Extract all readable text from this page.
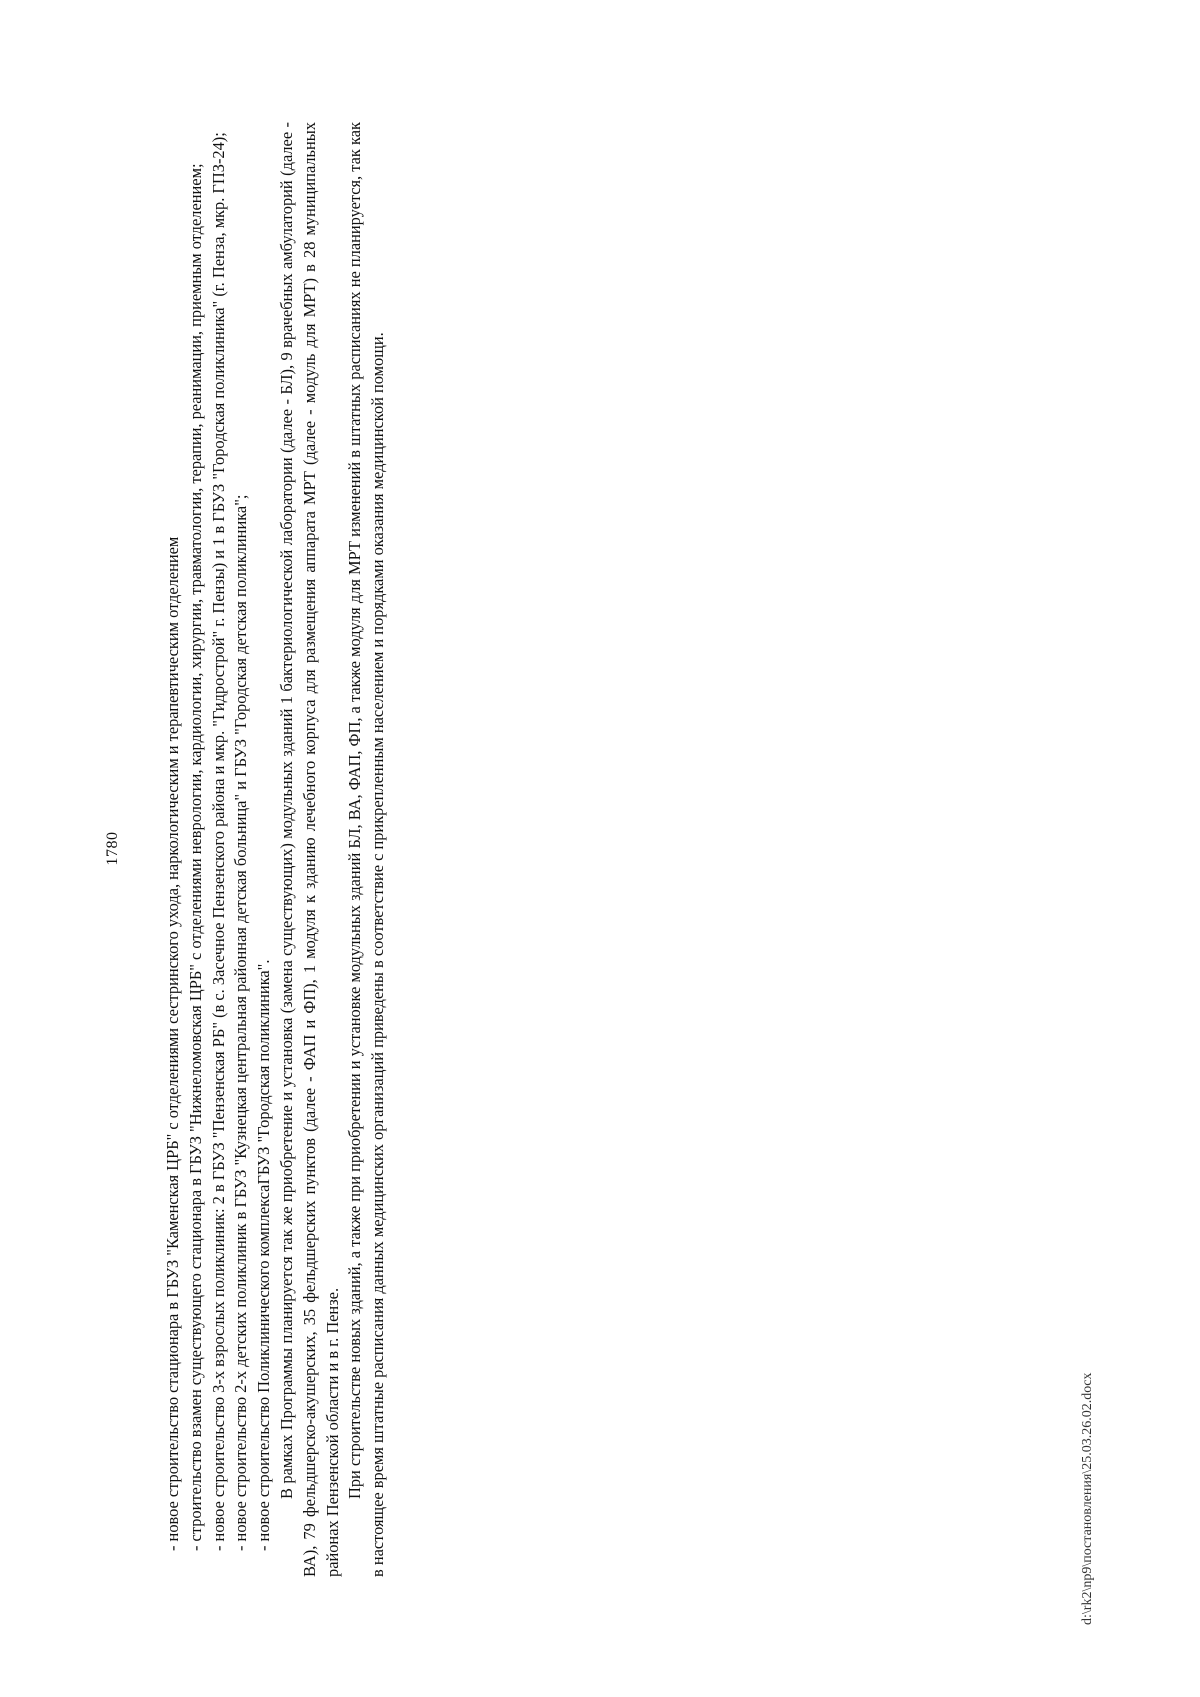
1780	- новое строительство стационара в ГБУЗ "Каменская ЦРБ" с отделениями сестринского ухода, наркологическим и терапевтическим отделением - строительство взамен существующего стационара в ГБУЗ "Нижнеломовская ЦРБ" с отделениями неврологии, кардиологии, хирургии, травматологии, терапии, реанимации, приемным отделением; - новое строительство 3-х взрослых поликлиник: 2 в ГБУЗ "Пензенская РБ" (в с. Засечное Пензенского района и мкр. "Гидрострой" г. Пензы) и 1 в ГБУЗ "Городская поликлиника" (г. Пенза, мкр. ГПЗ-24); - новое строительство 2-х детских поликлиник в ГБУЗ "Кузнецкая центральная районная детская больница" и ГБУЗ "Городская детская поликлиника"; - новое строительство Поликлинического комплексаГБУЗ "Городская поликлиника". В рамках Программы планируется так же приобретение и установка (замена существующих) модульных зданий 1 бактериологической лаборатории (далее - БЛ), 9 врачебных амбулаторий (далее - ВА), 79 фельдшерско-акушерских, 35 фельдшерских пунктов (далее - ФАП и ФП), 1 модуля к зданию лечебного корпуса для размещения аппарата МРТ (далее - модуль для МРТ) в 28 муниципальных районах Пензенской области и в г. Пензе. При строительстве новых зданий, а также при приобретении и установке модульных зданий БЛ, ВА, ФАП, ФП, а также модуля для МРТ изменений в штатных расписаниях не планируется, так как в настоящее время штатные расписания данных медицинских организаций приведены в соответствие с прикрепленным населением и порядками оказания медицинской помощи.	d:\rk2\np9\постановления\25.03.26.02.docx
